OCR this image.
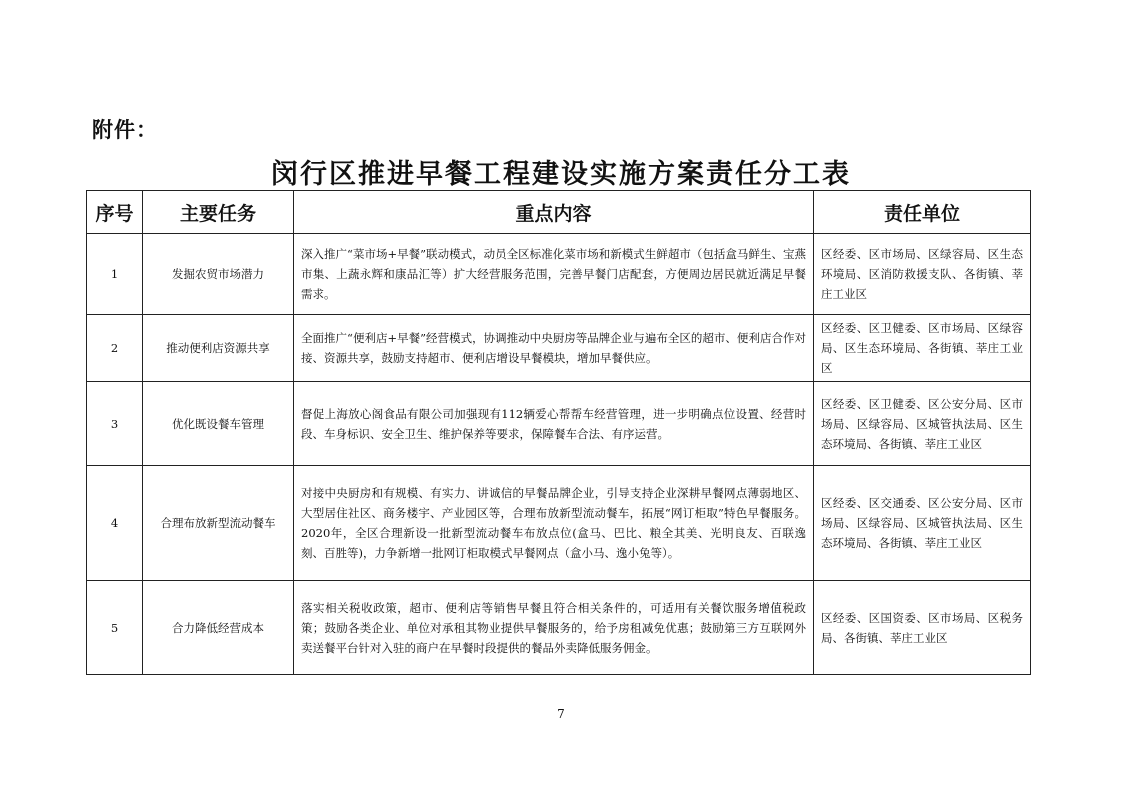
附件：
闵行区推进早餐工程建设实施方案责任分工表
序号	主要任务	重点内容	责任单位
1	发掘农贸市场潜力	深入推广“菜市场+早餐”联动模式，动员全区标准化菜市场和新模式生鲜超市（包括盒马鲜生、宝燕市集、上蔬永辉和康品汇等）扩大经营服务范围，完善早餐门店配套，方便周边居民就近满足早餐需求。	区经委、区市场局、区绿容局、区生态环境局、区消防救援支队、各街镇、莘庄工业区
2	推动便利店资源共享	全面推广“便利店+早餐”经营模式，协调推动中央厨房等品牌企业与遍布全区的超市、便利店合作对接、资源共享，鼓励支持超市、便利店增设早餐模块，增加早餐供应。	区经委、区卫健委、区市场局、区绿容局、区生态环境局、各街镇、莘庄工业区
3	优化既设餐车管理	督促上海放心阁食品有限公司加强现有112辆爱心帮帮车经营管理，进一步明确点位设置、经营时段、车身标识、安全卫生、维护保养等要求，保障餐车合法、有序运营。	区经委、区卫健委、区公安分局、区市场局、区绿容局、区城管执法局、区生态环境局、各街镇、莘庄工业区
4	合理布放新型流动餐车	对接中央厨房和有规模、有实力、讲诚信的早餐品牌企业，引导支持企业深耕早餐网点薄弱地区、大型居住社区、商务楼宇、产业园区等，合理布放新型流动餐车，拓展“网订柜取”特色早餐服务。2020年，全区合理新设一批新型流动餐车布放点位(盒马、巴比、粮全其美、光明良友、百联逸刻、百胜等)，力争新增一批网订柜取模式早餐网点（盒小马、逸小兔等）。	区经委、区交通委、区公安分局、区市场局、区绿容局、区城管执法局、区生态环境局、各街镇、莘庄工业区
5	合力降低经营成本	落实相关税收政策，超市、便利店等销售早餐且符合相关条件的，可适用有关餐饮服务增值税政策；鼓励各类企业、单位对承租其物业提供早餐服务的，给予房租减免优惠；鼓励第三方互联网外卖送餐平台针对入驻的商户在早餐时段提供的餐品外卖降低服务佣金。	区经委、区国资委、区市场局、区税务局、各街镇、莘庄工业区
7
